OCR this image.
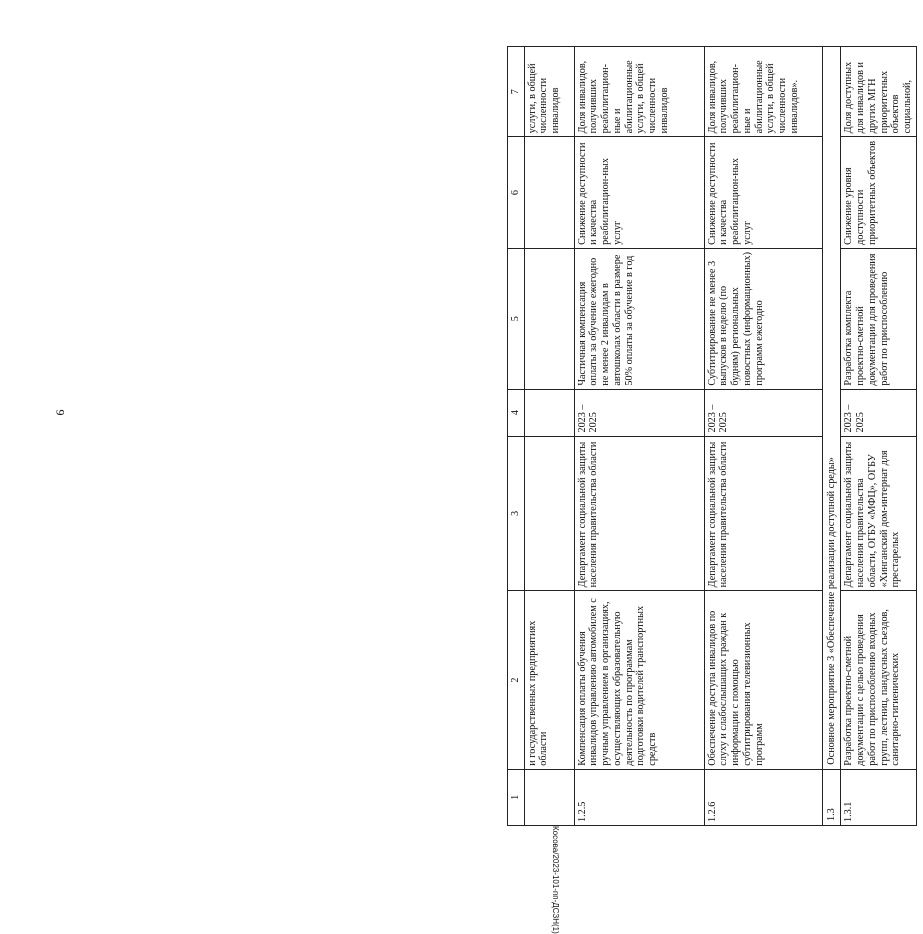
9
Косова/2023-101-пп-ДСЗН(1)
1	2	3	4	5	6	7
	и государственных предприятиях области					услуги, в общей численности инвалидов
1.2.5	Компенсация оплаты обучения инвалидов управлению автомобилем с ручным управлением в организациях, осуществляющих образовательную деятельность по программам подготовки водителей транспортных средств	Департамент социальной защиты населения правительства области	2023 – 2025	Частичная компенсация оплаты за обучение ежегодно не менее 2 инвалидам в автошколах области в размере 50% оплаты за обучение в год	Снижение доступности и качества реабилитацион-ных услуг	Доля инвалидов, получивших реабилитацион-ные и абилитационные услуги, в общей численности инвалидов
1.2.6	Обеспечение доступа инвалидов по слуху и слабослышащих граждан к информации с помощью субтитрирования телевизионных программ	Департамент социальной защиты населения правительства области	2023 – 2025	Субтитрирование не менее 3 выпусков в неделю (по будням) региональных новостных (информационных) программ ежегодно	Снижение доступности и качества реабилитацион-ных услуг	Доля инвалидов, получивших реабилитацион-ные и абилитационные услуги, в общей численности инвалидов».
1.3	Основное мероприятие 3 «Обеспечение реализации доступной среды»					
1.3.1	Разработка проектно-сметной документации с целью проведения работ по приспособлению входных групп, лестниц, пандусных съездов, санитарно-гигиенических	Департамент социальной защиты населения правительства области, ОГБУ «МФЦ», ОГБУ «Хинганский дом-интернат для престарелых	2023 – 2025	Разработка комплекта проектно-сметной документации для проведения работ по приспособлению	Снижение уровня доступности приоритетных объектов	Доля доступных для инвалидов и других МГН приоритетных объектов социальной,
